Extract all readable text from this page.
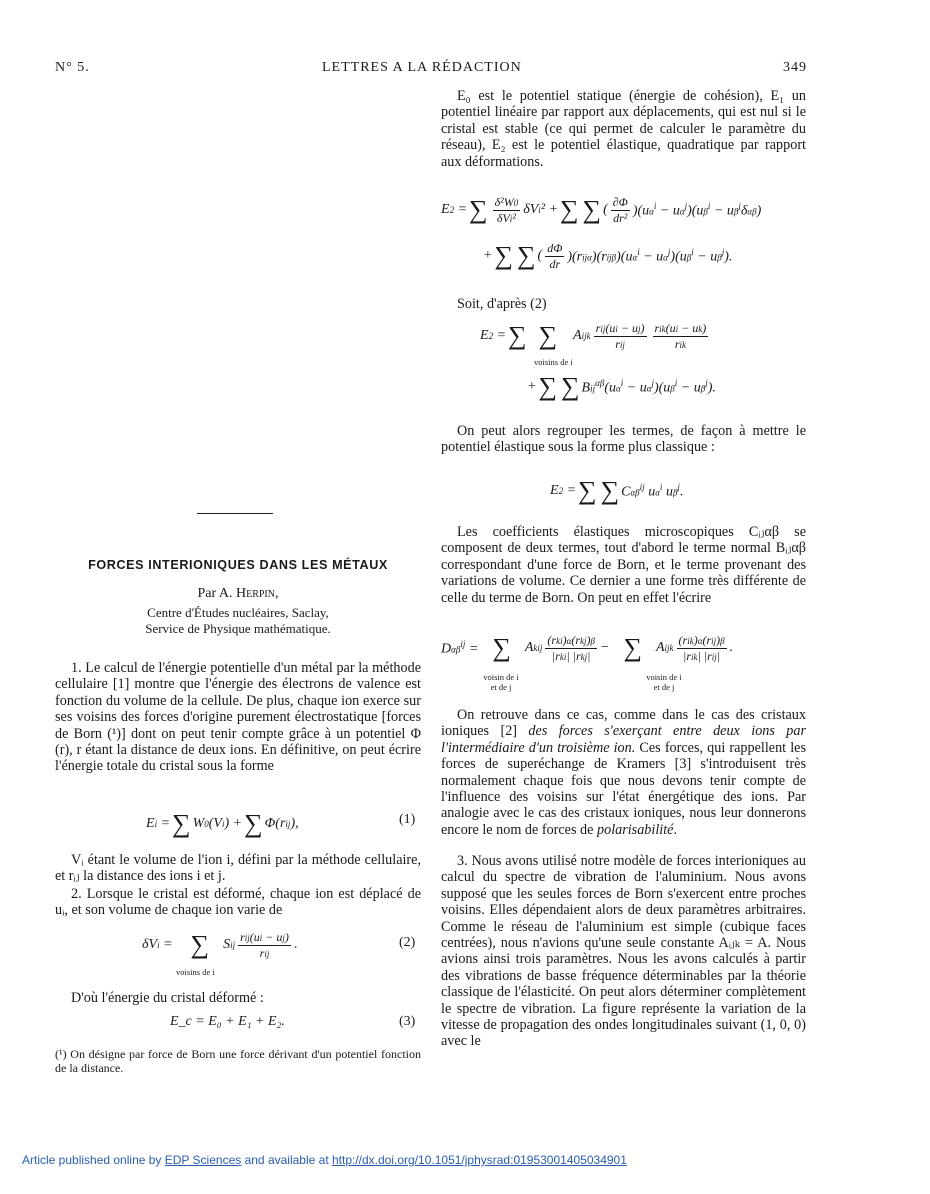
N° 5.	LETTRES A LA RÉDACTION	349
FORCES INTERIONIQUES DANS LES MÉTAUX
Par A. Herpin,
Centre d'Études nucléaires, Saclay,
Service de Physique mathématique.

1. Le calcul de l'énergie potentielle d'un métal par la méthode cellulaire [1] montre que l'énergie des électrons de valence est fonction du volume de la cellule. De plus, chaque ion exerce sur ses voisins des forces d'origine purement électrostatique [forces de Born (¹)] dont on peut tenir compte grâce à un potentiel Φ (r), r étant la distance de deux ions. En définitive, on peut écrire l'énergie totale du cristal sous la forme

Ei = ∑ W0(Vi) + ∑ Φ(rij),	(1)

Vᵢ étant le volume de l'ion i, défini par la méthode cellulaire, et rᵢⱼ la distance des ions i et j.

2. Lorsque le cristal est déformé, chaque ion est déplacé de uᵢ, et son volume de chaque ion varie de

δVi = ∑ Sij $\frac{\text{rij(ui − uj)}}{\text{rij}}$ .
voisins de i
(2)

D'où l'énergie du cristal déformé :

E_c = E₀ + E₁ + E₂.	(3)
(¹) On désigne par force de Born une force dérivant d'un potentiel fonction de la distance.

E₀ est le potentiel statique (énergie de cohésion), E₁ un potentiel linéaire par rapport aux déplacements, qui est nul si le cristal est stable (ce qui permet de calculer le paramètre du réseau), E₂ est le potentiel élastique, quadratique par rapport aux déformations.

E2 = ∑ $\frac{\text{δ²W0}}{\text{δVi²}} \delta Vi^2$ + ∑ ∑ ( $\frac{\partial\Phi}{\text{dr²}} )(u\alpha^i - u\alpha^j)(u\beta^i - u\beta^j\delta\alpha\beta)$
+ ∑ ∑ ( $\frac{d\Phi}{dr} )(rij\alpha)(rij\beta)(u\alpha^i - u\alpha^j)(u\beta^i - u\beta^j)$.
Soit, d'après (2)
E2 = ∑ ∑ Aijk $\frac{\text{rij(ui − uj)}}{\text{rij}} \frac{\text{rik(ui − uk)}}{\text{rik}}$
voisins de i
+ ∑ ∑ $Bij^{\alpha\beta}(u\alpha^i - u\alpha^j)(u\beta^i - u\beta^j)$.

On peut alors regrouper les termes, de façon à mettre le potentiel élastique sous la forme plus classique :

E2 = ∑ ∑ Cαβ$^{ij}$ $u\alpha^i$ $u\beta^j$.

Les coefficients élastiques microscopiques Cᵢⱼαβ se composent de deux termes, tout d'abord le terme normal Bᵢⱼαβ correspondant d'une force de Born, et le terme provenant des variations de volume. Ce dernier a une forme très différente de celle du terme de Born. On peut en effet l'écrire

Dαβ$^{ij}$ = ∑ Akij $\frac{\text{(rki)α(rkj)β}}{\text{|rki| |rkj|}}$ − ∑ Aijk $\frac{\text{(rik)α(rij)β}}{\text{|rik| |rij|}}$ .
voisin de i et de j
voisin de i et de j

On retrouve dans ce cas, comme dans le cas des cristaux ioniques [2] des forces s'exerçant entre deux ions par l'intermédiaire d'un troisième ion. Ces forces, qui rappellent les forces de superéchange de Kramers [3] s'introduisent très normalement chaque fois que nous devons tenir compte de l'influence des voisins sur l'état énergétique des ions. Par analogie avec le cas des cristaux ioniques, nous leur donnerons encore le nom de forces de polarisabilité.

3. Nous avons utilisé notre modèle de forces interioniques au calcul du spectre de vibration de l'aluminium. Nous avons supposé que les seules forces de Born s'exercent entre proches voisins. Elles dépendaient alors de deux paramètres arbitraires. Comme le réseau de l'aluminium est simple (cubique faces centrées), nous n'avions qu'une seule constante Aᵢⱼₖ = A. Nous avions ainsi trois paramètres. Nous les avons calculés à partir des vibrations de basse fréquence déterminables par la théorie classique de l'élasticité. On peut alors déterminer complètement le spectre de vibration. La figure représente la variation de la vitesse de propagation des ondes longitudinales suivant (1, 0, 0) avec le

Article published online by EDP Sciences and available at http://dx.doi.org/10.1051/jphysrad:01953001405034901
